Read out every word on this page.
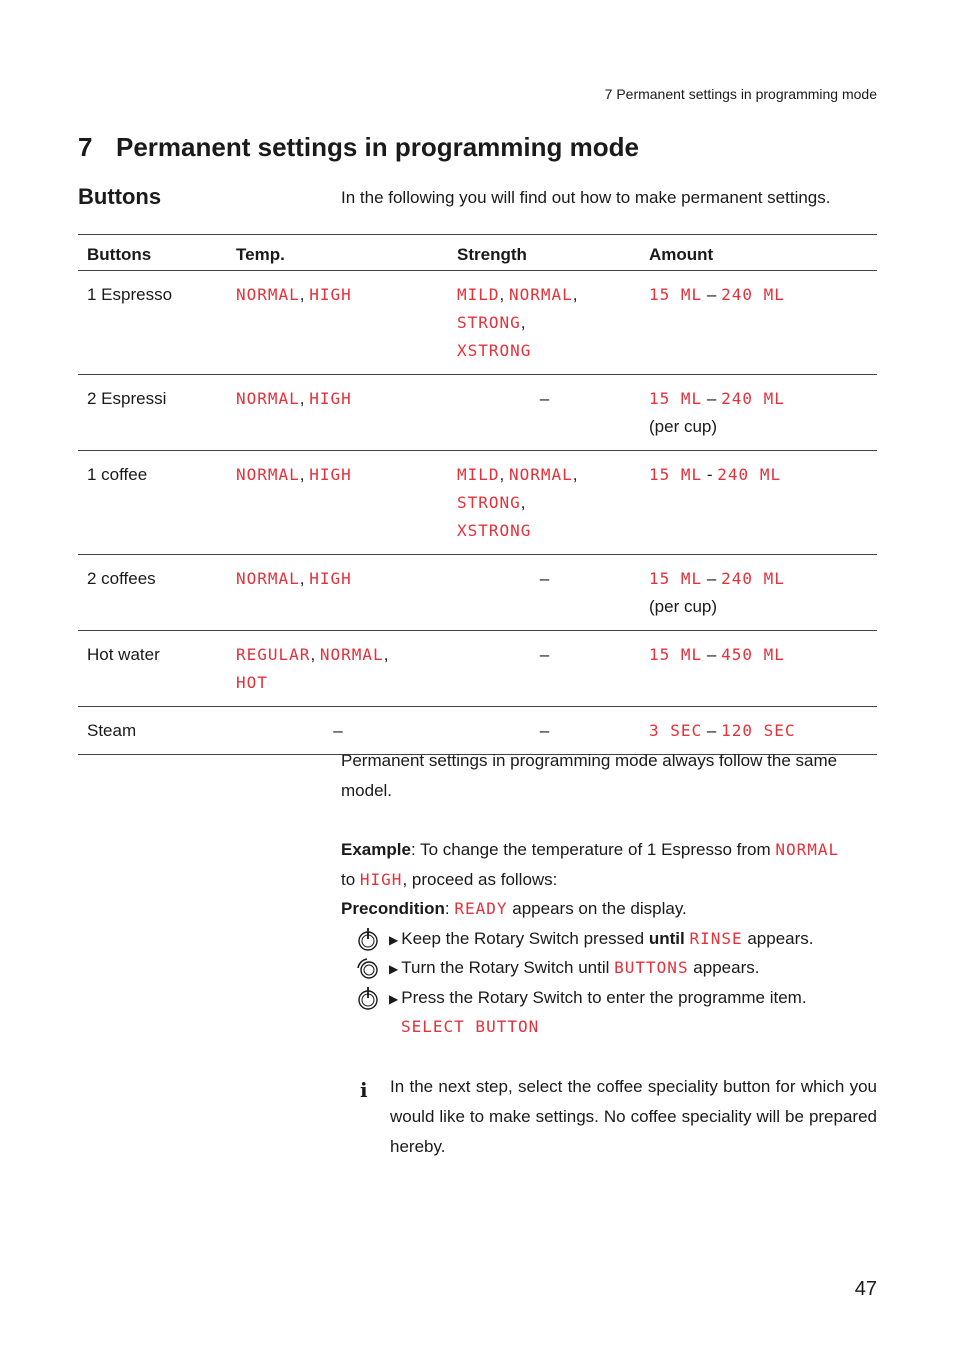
7 Permanent settings in programming mode
7 Permanent settings in programming mode
Buttons	In the following you will find out how to make permanent settings.
Buttons	Temp.	Strength	Amount
1 Espresso	NORMAL, HIGH	MILD, NORMAL,
STRONG,
XSTRONG	15 ML – 240 ML
2 Espressi	NORMAL, HIGH	–	15 ML – 240 ML
(per cup)
1 coffee	NORMAL, HIGH	MILD, NORMAL,
STRONG,
XSTRONG	15 ML - 240 ML
2 coffees	NORMAL, HIGH	–	15 ML – 240 ML
(per cup)
Hot water	REGULAR, NORMAL,
HOT	–	15 ML – 450 ML
Steam	–	–	3 SEC – 120 SEC
Permanent settings in programming mode always follow the same model.
Example: To change the temperature of 1 Espresso from NORMAL
to HIGH, proceed as follows:
Precondition: READY appears on the display.
▶ Keep the Rotary Switch pressed until RINSE appears.
▶ Turn the Rotary Switch until BUTTONS appears.
▶ Press the Rotary Switch to enter the programme item.
SELECT BUTTON
i In the next step, select the coffee speciality button for which you would like to make settings. No coffee speciality will be prepared hereby.
47
